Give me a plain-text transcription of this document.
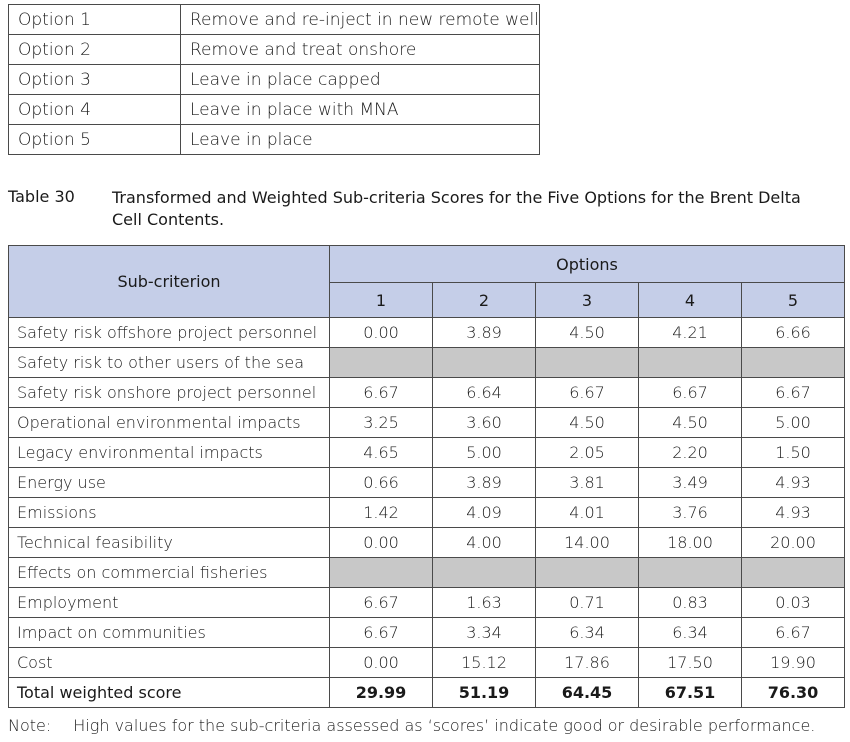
Option 1	Remove and re-inject in new remote well
Option 2	Remove and treat onshore
Option 3	Leave in place capped
Option 4	Leave in place with MNA
Option 5	Leave in place
Table 30 Transformed and Weighted Sub-criteria Scores for the Five Options for the Brent Delta Cell Contents.
Sub-criterion	Options				
	1	2	3	4	5
Safety risk offshore project personnel	0.00	3.89	4.50	4.21	6.66
Safety risk to other users of the sea					
Safety risk onshore project personnel	6.67	6.64	6.67	6.67	6.67
Operational environmental impacts	3.25	3.60	4.50	4.50	5.00
Legacy environmental impacts	4.65	5.00	2.05	2.20	1.50
Energy use	0.66	3.89	3.81	3.49	4.93
Emissions	1.42	4.09	4.01	3.76	4.93
Technical feasibility	0.00	4.00	14.00	18.00	20.00
Effects on commercial fisheries					
Employment	6.67	1.63	0.71	0.83	0.03
Impact on communities	6.67	3.34	6.34	6.34	6.67
Cost	0.00	15.12	17.86	17.50	19.90
Total weighted score	29.99	51.19	64.45	67.51	76.30
Note: High values for the sub-criteria assessed as ‘scores’ indicate good or desirable performance.
